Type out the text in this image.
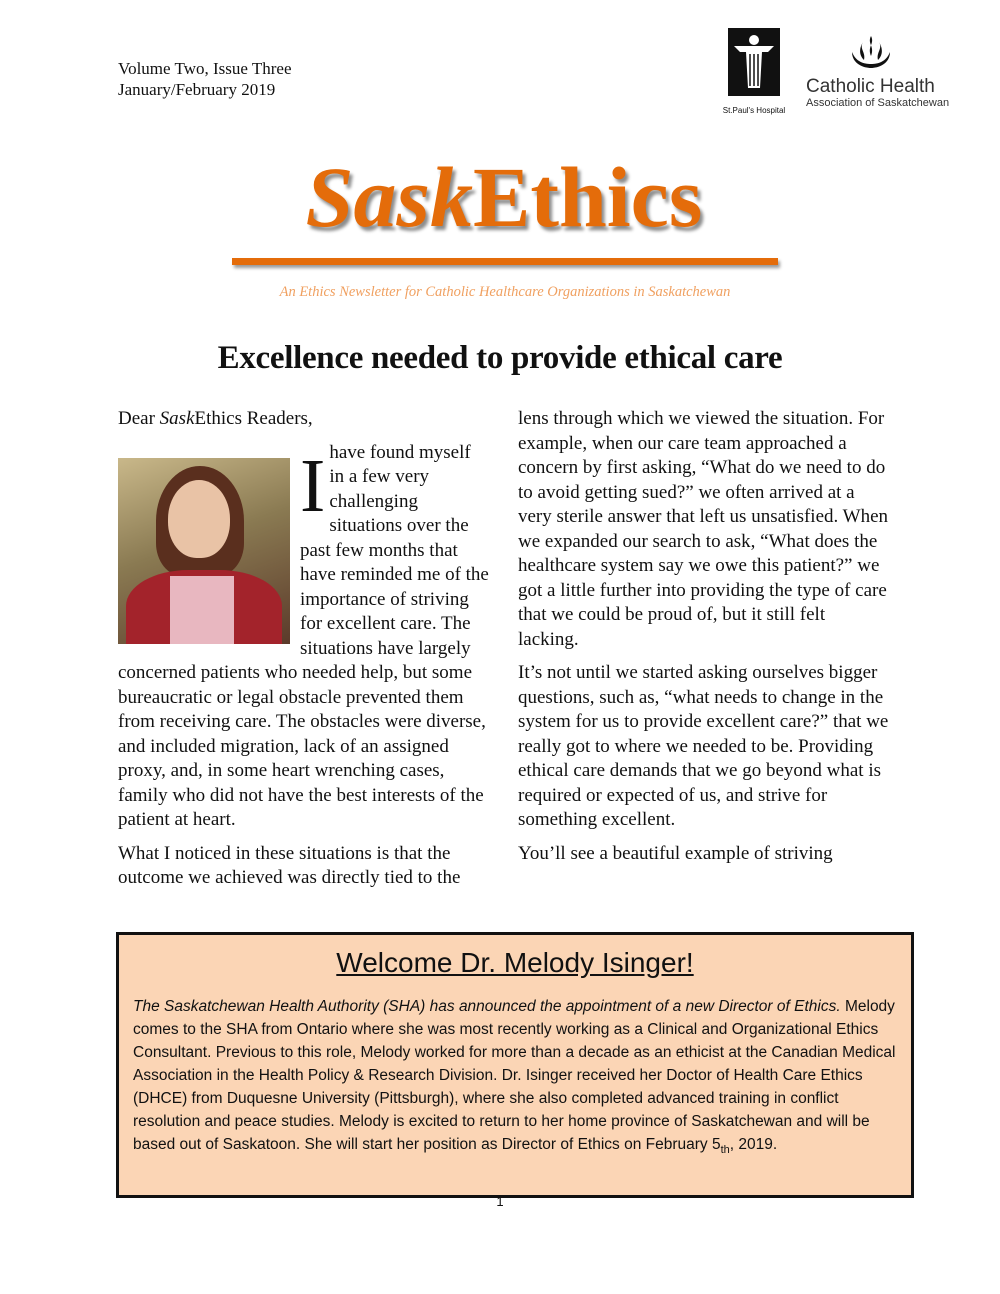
Volume Two, Issue Three
January/February 2019
St.Paul's Hospital
Catholic Health
Association of Saskatchewan
SaskEthics
An Ethics Newsletter for Catholic Healthcare Organizations in Saskatchewan
Excellence needed to provide ethical care

Dear SaskEthics Readers,

I have found myself in a few very challenging situations over the past few months that have reminded me of the importance of striving for excellent care. The situations have largely concerned patients who needed help, but some bureaucratic or legal obstacle prevented them from receiving care. The obstacles were diverse, and included migration, lack of an assigned proxy, and, in some heart wrenching cases, family who did not have the best interests of the patient at heart.

What I noticed in these situations is that the outcome we achieved was directly tied to the

lens through which we viewed the situation. For example, when our care team approached a concern by first asking, “What do we need to do to avoid getting sued?” we often arrived at a very sterile answer that left us unsatisfied. When we expanded our search to ask, “What does the healthcare system say we owe this patient?” we got a little further into providing the type of care that we could be proud of, but it still felt lacking.

It’s not until we started asking ourselves bigger questions, such as, “what needs to change in the system for us to provide excellent care?” that we really got to where we needed to be. Providing ethical care demands that we go beyond what is required or expected of us, and strive for something excellent.

You’ll see a beautiful example of striving

Welcome Dr. Melody Isinger!

The Saskatchewan Health Authority (SHA) has announced the appointment of a new Director of Ethics. Melody comes to the SHA from Ontario where she was most recently working as a Clinical and Organizational Ethics Consultant. Previous to this role, Melody worked for more than a decade as an ethicist at the Canadian Medical Association in the Health Policy & Research Division. Dr. Isinger received her Doctor of Health Care Ethics (DHCE) from Duquesne University (Pittsburgh), where she also completed advanced training in conflict resolution and peace studies. Melody is excited to return to her home province of Saskatchewan and will be based out of Saskatoon. She will start her position as Director of Ethics on February $5_{th}$, 2019.

1
